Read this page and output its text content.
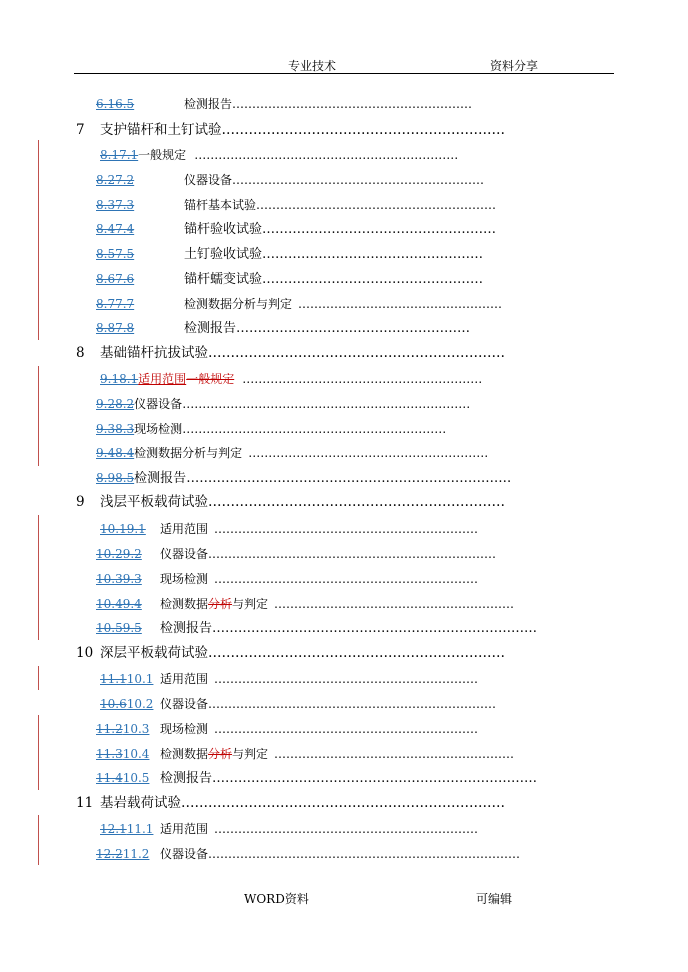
专业技术	资料分享
6.16.5	检测报告……………………………………………………
7 支护锚杆和土钉试验………………………………………………………
8.17.1一般规定 …………………………………………………………
8.27.2	仪器设备………………………………………………………
8.37.3	锚杆基本试验……………………………………………………
8.47.4	锚杆验收试验………………………………………………
8.57.5	土钉验收试验……………………………………………
8.67.6	锚杆蠕变试验……………………………………………
8.77.7	检测数据分析与判定 ……………………………………………
8.87.8	检测报告………………………………………………
8 基础锚杆抗拔试验…………………………………………………………
9.18.1适用范围一般规定 ……………………………………………………
9.28.2仪器设备………………………………………………………………
9.38.3现场检测…………………………………………………………
9.48.4检测数据分析与判定 ……………………………………………………
8.98.5检测报告…………………………………………………………………
9 浅层平板载荷试验…………………………………………………………
10.19.1 适用范围 …………………………………………………………
10.29.2 仪器设备………………………………………………………………
10.39.3 现场检测 …………………………………………………………
10.49.4 检测数据分析与判定 ……………………………………………………
10.59.5 检测报告…………………………………………………………………
10 深层平板载荷试验…………………………………………………………
11.110.1 适用范围 …………………………………………………………
10.610.2 仪器设备………………………………………………………………
11.210.3 现场检测 …………………………………………………………
11.310.4 检测数据分析与判定 ……………………………………………………
11.410.5 检测报告…………………………………………………………………
11 基岩载荷试验………………………………………………………………
12.111.1 适用范围 …………………………………………………………
12.211.2 仪器设备……………………………………………………………………
WORD资料	可编辑
